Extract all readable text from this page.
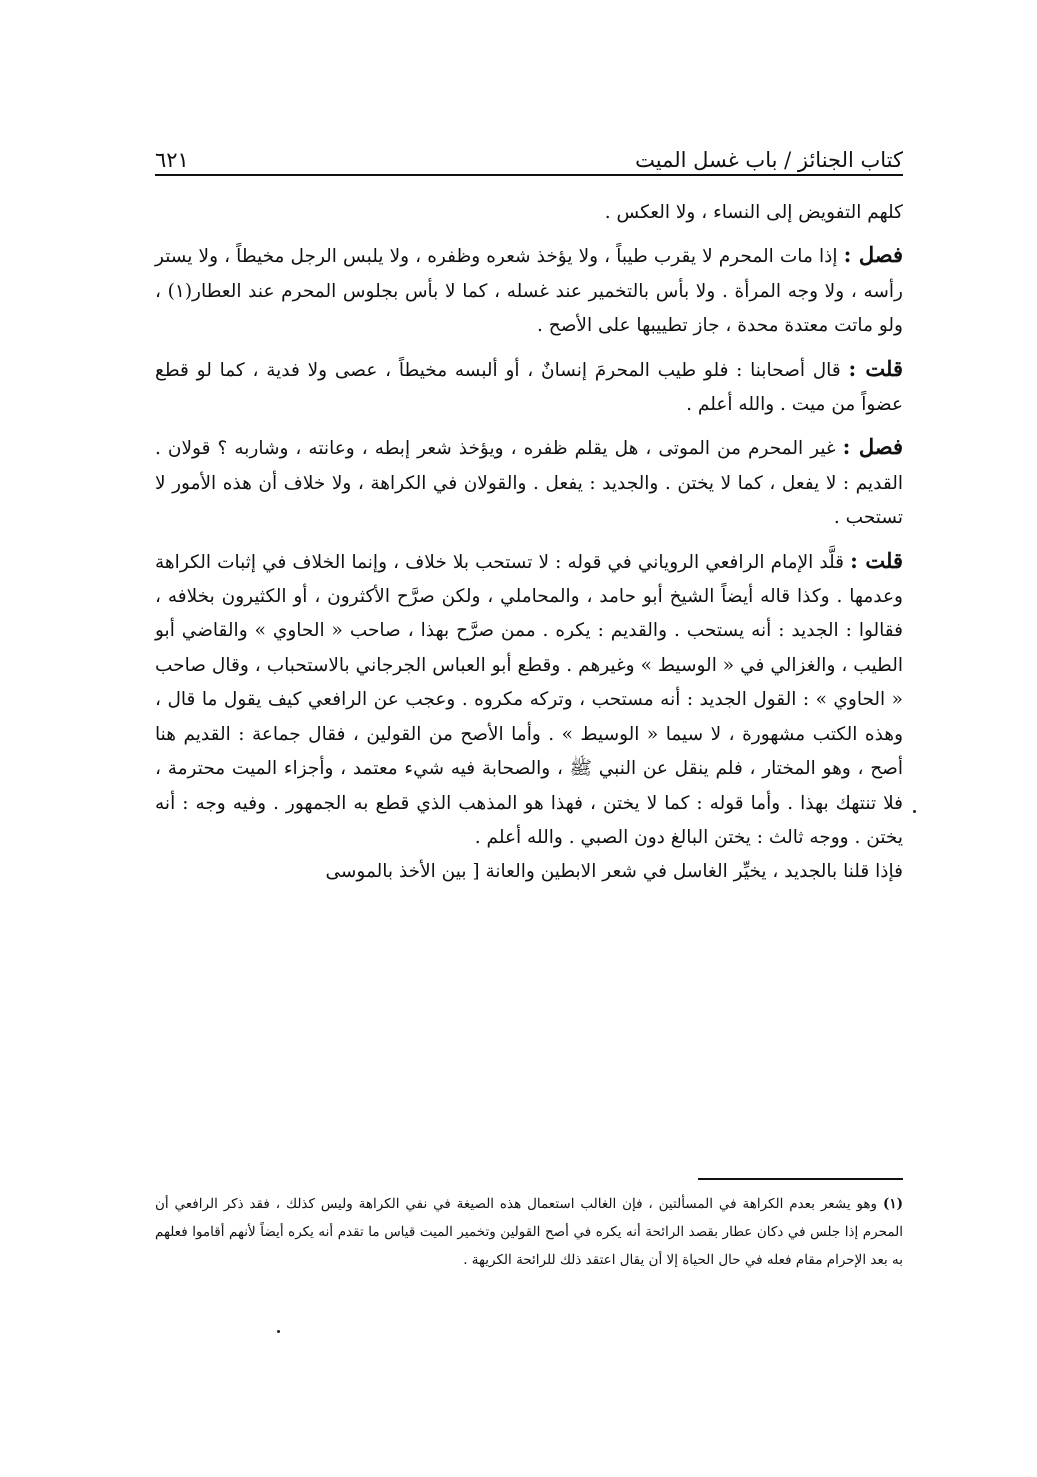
كتاب الجنائز / باب غسل الميت
٦٢١

كلهم التفويض إلى النساء ، ولا العكس .

فصل : إذا مات المحرم لا يقرب طيباً ، ولا يؤخذ شعره وظفره ، ولا يلبس الرجل مخيطاً ، ولا يستر رأسه ، ولا وجه المرأة . ولا بأس بالتخمير عند غسله ، كما لا بأس بجلوس المحرم عند العطار(١) ، ولو ماتت معتدة محدة ، جاز تطييبها على الأصح .

قلت : قال أصحابنا : فلو طيب المحرمَ إنسانٌ ، أو ألبسه مخيطاً ، عصى ولا فدية ، كما لو قطع عضواً من ميت . والله أعلم .

فصل : غير المحرم من الموتى ، هل يقلم ظفره ، ويؤخذ شعر إبطه ، وعانته ، وشاربه ؟ قولان . القديم : لا يفعل ، كما لا يختن . والجديد : يفعل . والقولان في الكراهة ، ولا خلاف أن هذه الأمور لا تستحب .

قلت : قلَّد الإمام الرافعي الروياني في قوله : لا تستحب بلا خلاف ، وإنما الخلاف في إثبات الكراهة وعدمها . وكذا قاله أيضاً الشيخ أبو حامد ، والمحاملي ، ولكن صرَّح الأكثرون ، أو الكثيرون بخلافه ، فقالوا : الجديد : أنه يستحب . والقديم : يكره . ممن صرَّح بهذا ، صاحب « الحاوي » والقاضي أبو الطيب ، والغزالي في « الوسيط » وغيرهم . وقطع أبو العباس الجرجاني بالاستحباب ، وقال صاحب « الحاوي » : القول الجديد : أنه مستحب ، وتركه مكروه . وعجب عن الرافعي كيف يقول ما قال ، وهذه الكتب مشهورة ، لا سيما « الوسيط » . وأما الأصح من القولين ، فقال جماعة : القديم هنا أصح ، وهو المختار ، فلم ينقل عن النبي ﷺ ، والصحابة فيه شيء معتمد ، وأجزاء الميت محترمة ، فلا تنتهك بهذا . وأما قوله : كما لا يختن ، فهذا هو المذهب الذي قطع به الجمهور . وفيه وجه : أنه يختن . ووجه ثالث : يختن البالغ دون الصبي . والله أعلم .

فإذا قلنا بالجديد ، يخيِّر الغاسل في شعر الابطين والعانة [ بين الأخذ بالموسى

(١) وهو يشعر بعدم الكراهة في المسألتين ، فإن الغالب استعمال هذه الصيغة في نفي الكراهة وليس كذلك ، فقد ذكر الرافعي أن المحرم إذا جلس في دكان عطار بقصد الرائحة أنه يكره في أصح القولين وتخمير الميت قياس ما تقدم أنه يكره أيضاً لأنهم أقاموا فعلهم به بعد الإحرام مقام فعله في حال الحياة إلا أن يقال اعتقد ذلك للرائحة الكريهة .
